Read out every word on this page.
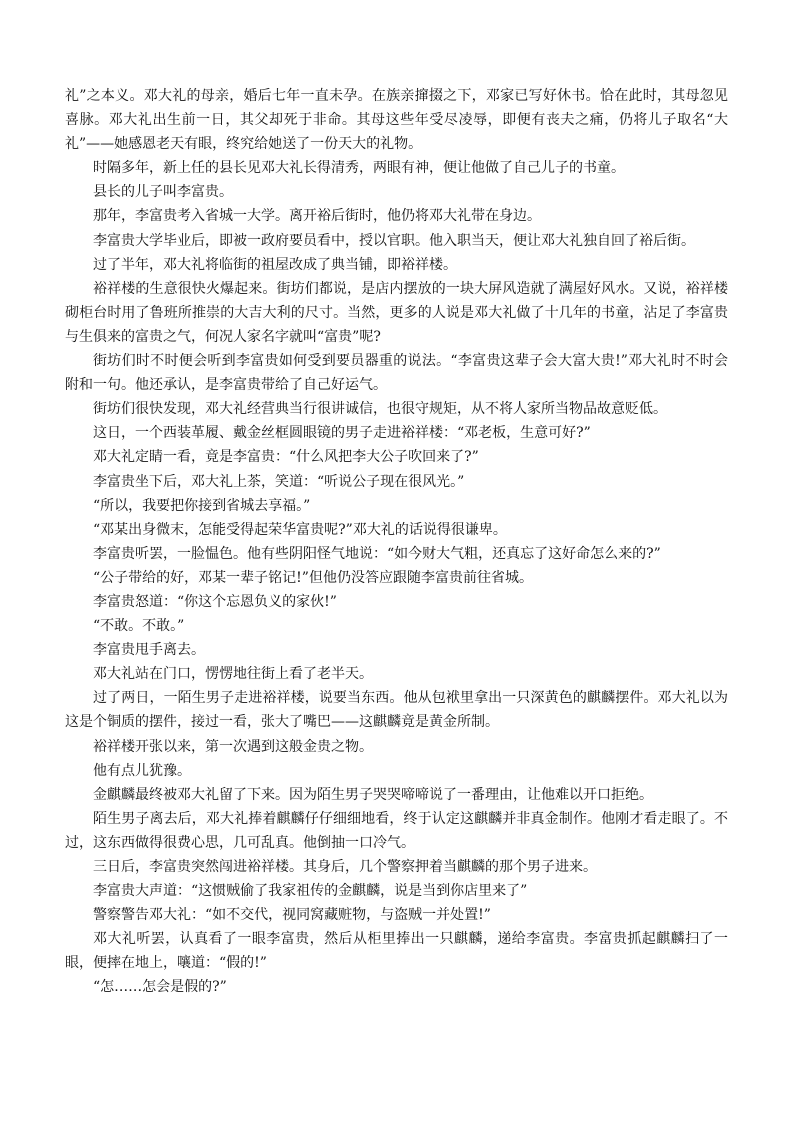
礼”之本义。邓大礼的母亲，婚后七年一直未孕。在族亲撺掇之下，邓家已写好休书。恰在此时，其母忽见喜脉。邓大礼出生前一日，其父却死于非命。其母这些年受尽凌辱，即便有丧夫之痛，仍将儿子取名“大礼”——她感恩老天有眼，终究给她送了一份天大的礼物。

时隔多年，新上任的县长见邓大礼长得清秀，两眼有神，便让他做了自己儿子的书童。

县长的儿子叫李富贵。

那年，李富贵考入省城一大学。离开裕后街时，他仍将邓大礼带在身边。

李富贵大学毕业后，即被一政府要员看中，授以官职。他入职当天，便让邓大礼独自回了裕后街。

过了半年，邓大礼将临街的祖屋改成了典当铺，即裕祥楼。

裕祥楼的生意很快火爆起来。街坊们都说，是店内摆放的一块大屏风造就了满屋好风水。又说，裕祥楼砌柜台时用了鲁班所推崇的大吉大利的尺寸。当然，更多的人说是邓大礼做了十几年的书童，沾足了李富贵与生俱来的富贵之气，何况人家名字就叫“富贵”呢?

街坊们时不时便会听到李富贵如何受到要员器重的说法。“李富贵这辈子会大富大贵!”邓大礼时不时会附和一句。他还承认，是李富贵带给了自己好运气。

街坊们很快发现，邓大礼经营典当行很讲诚信，也很守规矩，从不将人家所当物品故意贬低。

这日，一个西装革履、戴金丝框圆眼镜的男子走进裕祥楼：“邓老板，生意可好?”

邓大礼定睛一看，竟是李富贵：“什么风把李大公子吹回来了?”

李富贵坐下后，邓大礼上茶，笑道：“听说公子现在很风光。”

“所以，我要把你接到省城去享福。”

“邓某出身微末，怎能受得起荣华富贵呢?”邓大礼的话说得很谦卑。

李富贵听罢，一脸愠色。他有些阴阳怪气地说：“如今财大气粗，还真忘了这好命怎么来的?”

“公子带给的好，邓某一辈子铭记!”但他仍没答应跟随李富贵前往省城。

李富贵怒道：“你这个忘恩负义的家伙!”

“不敢。不敢。”

李富贵甩手离去。

邓大礼站在门口，愣愣地往街上看了老半天。

过了两日，一陌生男子走进裕祥楼，说要当东西。他从包袱里拿出一只深黄色的麒麟摆件。邓大礼以为这是个铜质的摆件，接过一看，张大了嘴巴——这麒麟竟是黄金所制。

裕祥楼开张以来，第一次遇到这般金贵之物。

他有点儿犹豫。

金麒麟最终被邓大礼留了下来。因为陌生男子哭哭啼啼说了一番理由，让他难以开口拒绝。

陌生男子离去后，邓大礼捧着麒麟仔仔细细地看，终于认定这麒麟并非真金制作。他刚才看走眼了。不过，这东西做得很费心思，几可乱真。他倒抽一口冷气。

三日后，李富贵突然闯进裕祥楼。其身后，几个警察押着当麒麟的那个男子进来。

李富贵大声道：“这惯贼偷了我家祖传的金麒麟，说是当到你店里来了”

警察警告邓大礼：“如不交代，视同窝藏赃物，与盗贼一并处置!”

邓大礼听罢，认真看了一眼李富贵，然后从柜里捧出一只麒麟，递给李富贵。李富贵抓起麒麟扫了一眼，便摔在地上，嚷道：“假的!”

“怎……怎会是假的?”
